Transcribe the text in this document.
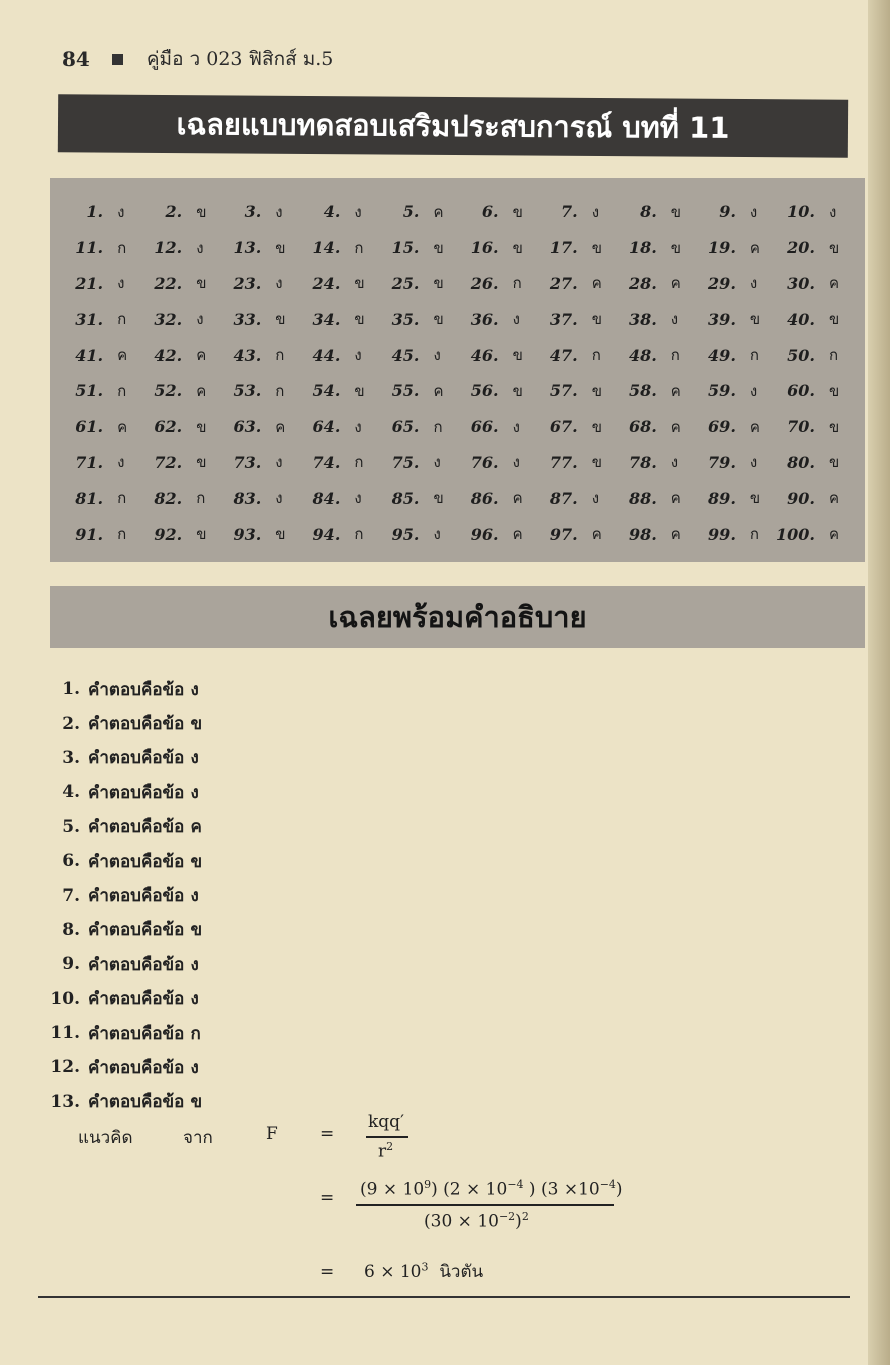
84	คู่มือ ว 023 ฟิสิกส์ ม.5
เฉลยแบบทดสอบเสริมประสบการณ์ บทที่ 11
1. ง	2. ข 3. ง	4. ง	5. ค 6. ข 7. ง	8. ข 9. ง	10. ง
11. ก	12. ง	13. ข 14. ก	15. ข 16. ข 17. ข 18. ข 19. ค 20. ข
21. ง	22. ข 23. ง	24. ข 25. ข 26. ก	27. ค 28. ค 29. ง	30. ค
31. ก	32. ง	33. ข 34. ข 35. ข 36. ง	37. ข 38. ง	39. ข 40. ข
41. ค 42. ค 43. ก	44. ง	45. ง	46. ข 47. ก	48. ก	49. ก	50. ก
51. ก	52. ค 53. ก	54. ข 55. ค 56. ข 57. ข 58. ค 59. ง	60. ข
61. ค 62. ข 63. ค 64. ง	65. ก	66. ง	67. ข 68. ค 69. ค 70. ข
71. ง	72. ข 73. ง	74. ก	75. ง	76. ง	77. ข 78. ง	79. ง	80. ข
81. ก	82. ก	83. ง	84. ง	85. ข 86. ค 87. ง	88. ค 89. ข 90. ค
91. ก	92. ข 93. ข 94. ก	95. ง	96. ค 97. ค 98. ค 99. ก	100. ค
เฉลยพร้อมคำอธิบาย
1. คำตอบคือ ข้อ ง
2. คำตอบคือ ข้อ ข
3. คำตอบคือ ข้อ ง
4. คำตอบคือ ข้อ ง
5. คำตอบคือ ข้อ ค
6. คำตอบคือ ข้อ ข
7. คำตอบคือ ข้อ ง
8. คำตอบคือ ข้อ ข
9. คำตอบคือ ข้อ ง
10. คำตอบคือ ข้อ ง
11. คำตอบคือ ข้อ ก
12. คำตอบคือ ข้อ ง
13. คำตอบคือ ข้อ ข
แนวคิด	จาก	F =
kqq′
$r^2$
= $(9 \times 10^9)$ ($2 \times 10^{-4}$ ) $(3 \times 10^{-4})$
$(30 \times 10^{-2})^2$
= $6 \times 10^3$ นิวตัน
